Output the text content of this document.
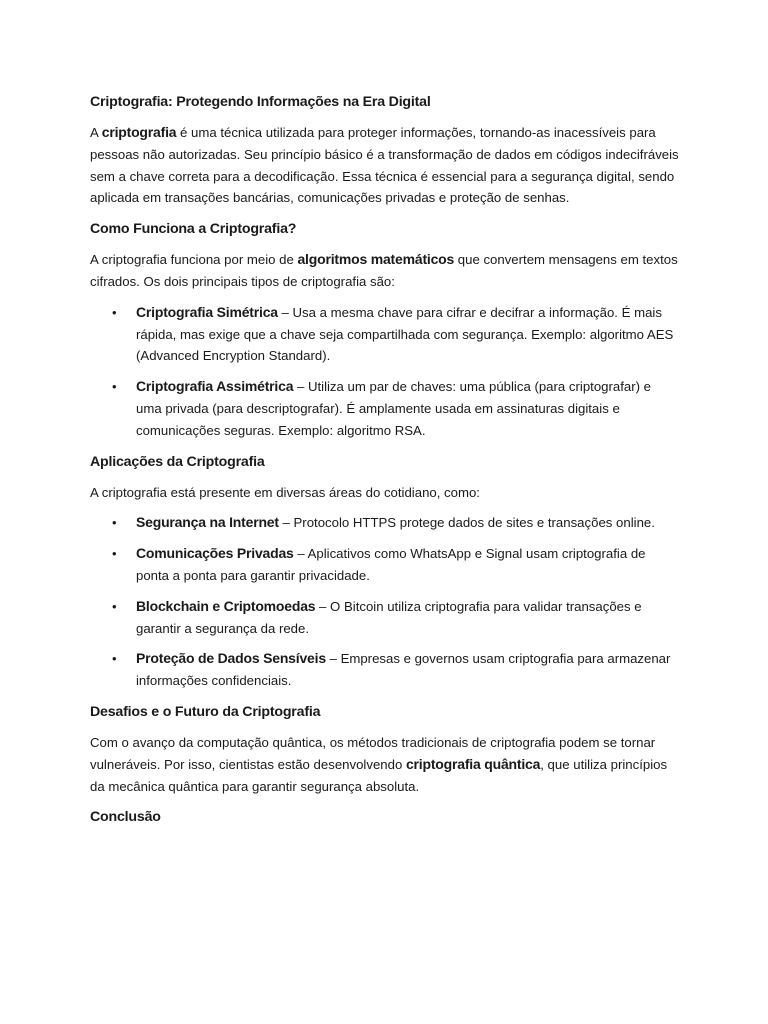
Criptografia: Protegendo Informações na Era Digital

A criptografia é uma técnica utilizada para proteger informações, tornando-as inacessíveis para pessoas não autorizadas. Seu princípio básico é a transformação de dados em códigos indecifráveis sem a chave correta para a decodificação. Essa técnica é essencial para a segurança digital, sendo aplicada em transações bancárias, comunicações privadas e proteção de senhas.

Como Funciona a Criptografia?

A criptografia funciona por meio de algoritmos matemáticos que convertem mensagens em textos cifrados. Os dois principais tipos de criptografia são:

• Criptografia Simétrica – Usa a mesma chave para cifrar e decifrar a informação. É mais rápida, mas exige que a chave seja compartilhada com segurança. Exemplo: algoritmo AES (Advanced Encryption Standard).
• Criptografia Assimétrica – Utiliza um par de chaves: uma pública (para criptografar) e uma privada (para descriptografar). É amplamente usada em assinaturas digitais e comunicações seguras. Exemplo: algoritmo RSA.
Aplicações da Criptografia

A criptografia está presente em diversas áreas do cotidiano, como:

• Segurança na Internet – Protocolo HTTPS protege dados de sites e transações online.
• Comunicações Privadas – Aplicativos como WhatsApp e Signal usam criptografia de ponta a ponta para garantir privacidade.
• Blockchain e Criptomoedas – O Bitcoin utiliza criptografia para validar transações e garantir a segurança da rede.
• Proteção de Dados Sensíveis – Empresas e governos usam criptografia para armazenar informações confidenciais.
Desafios e o Futuro da Criptografia

Com o avanço da computação quântica, os métodos tradicionais de criptografia podem se tornar vulneráveis. Por isso, cientistas estão desenvolvendo criptografia quântica, que utiliza princípios da mecânica quântica para garantir segurança absoluta.

Conclusão
